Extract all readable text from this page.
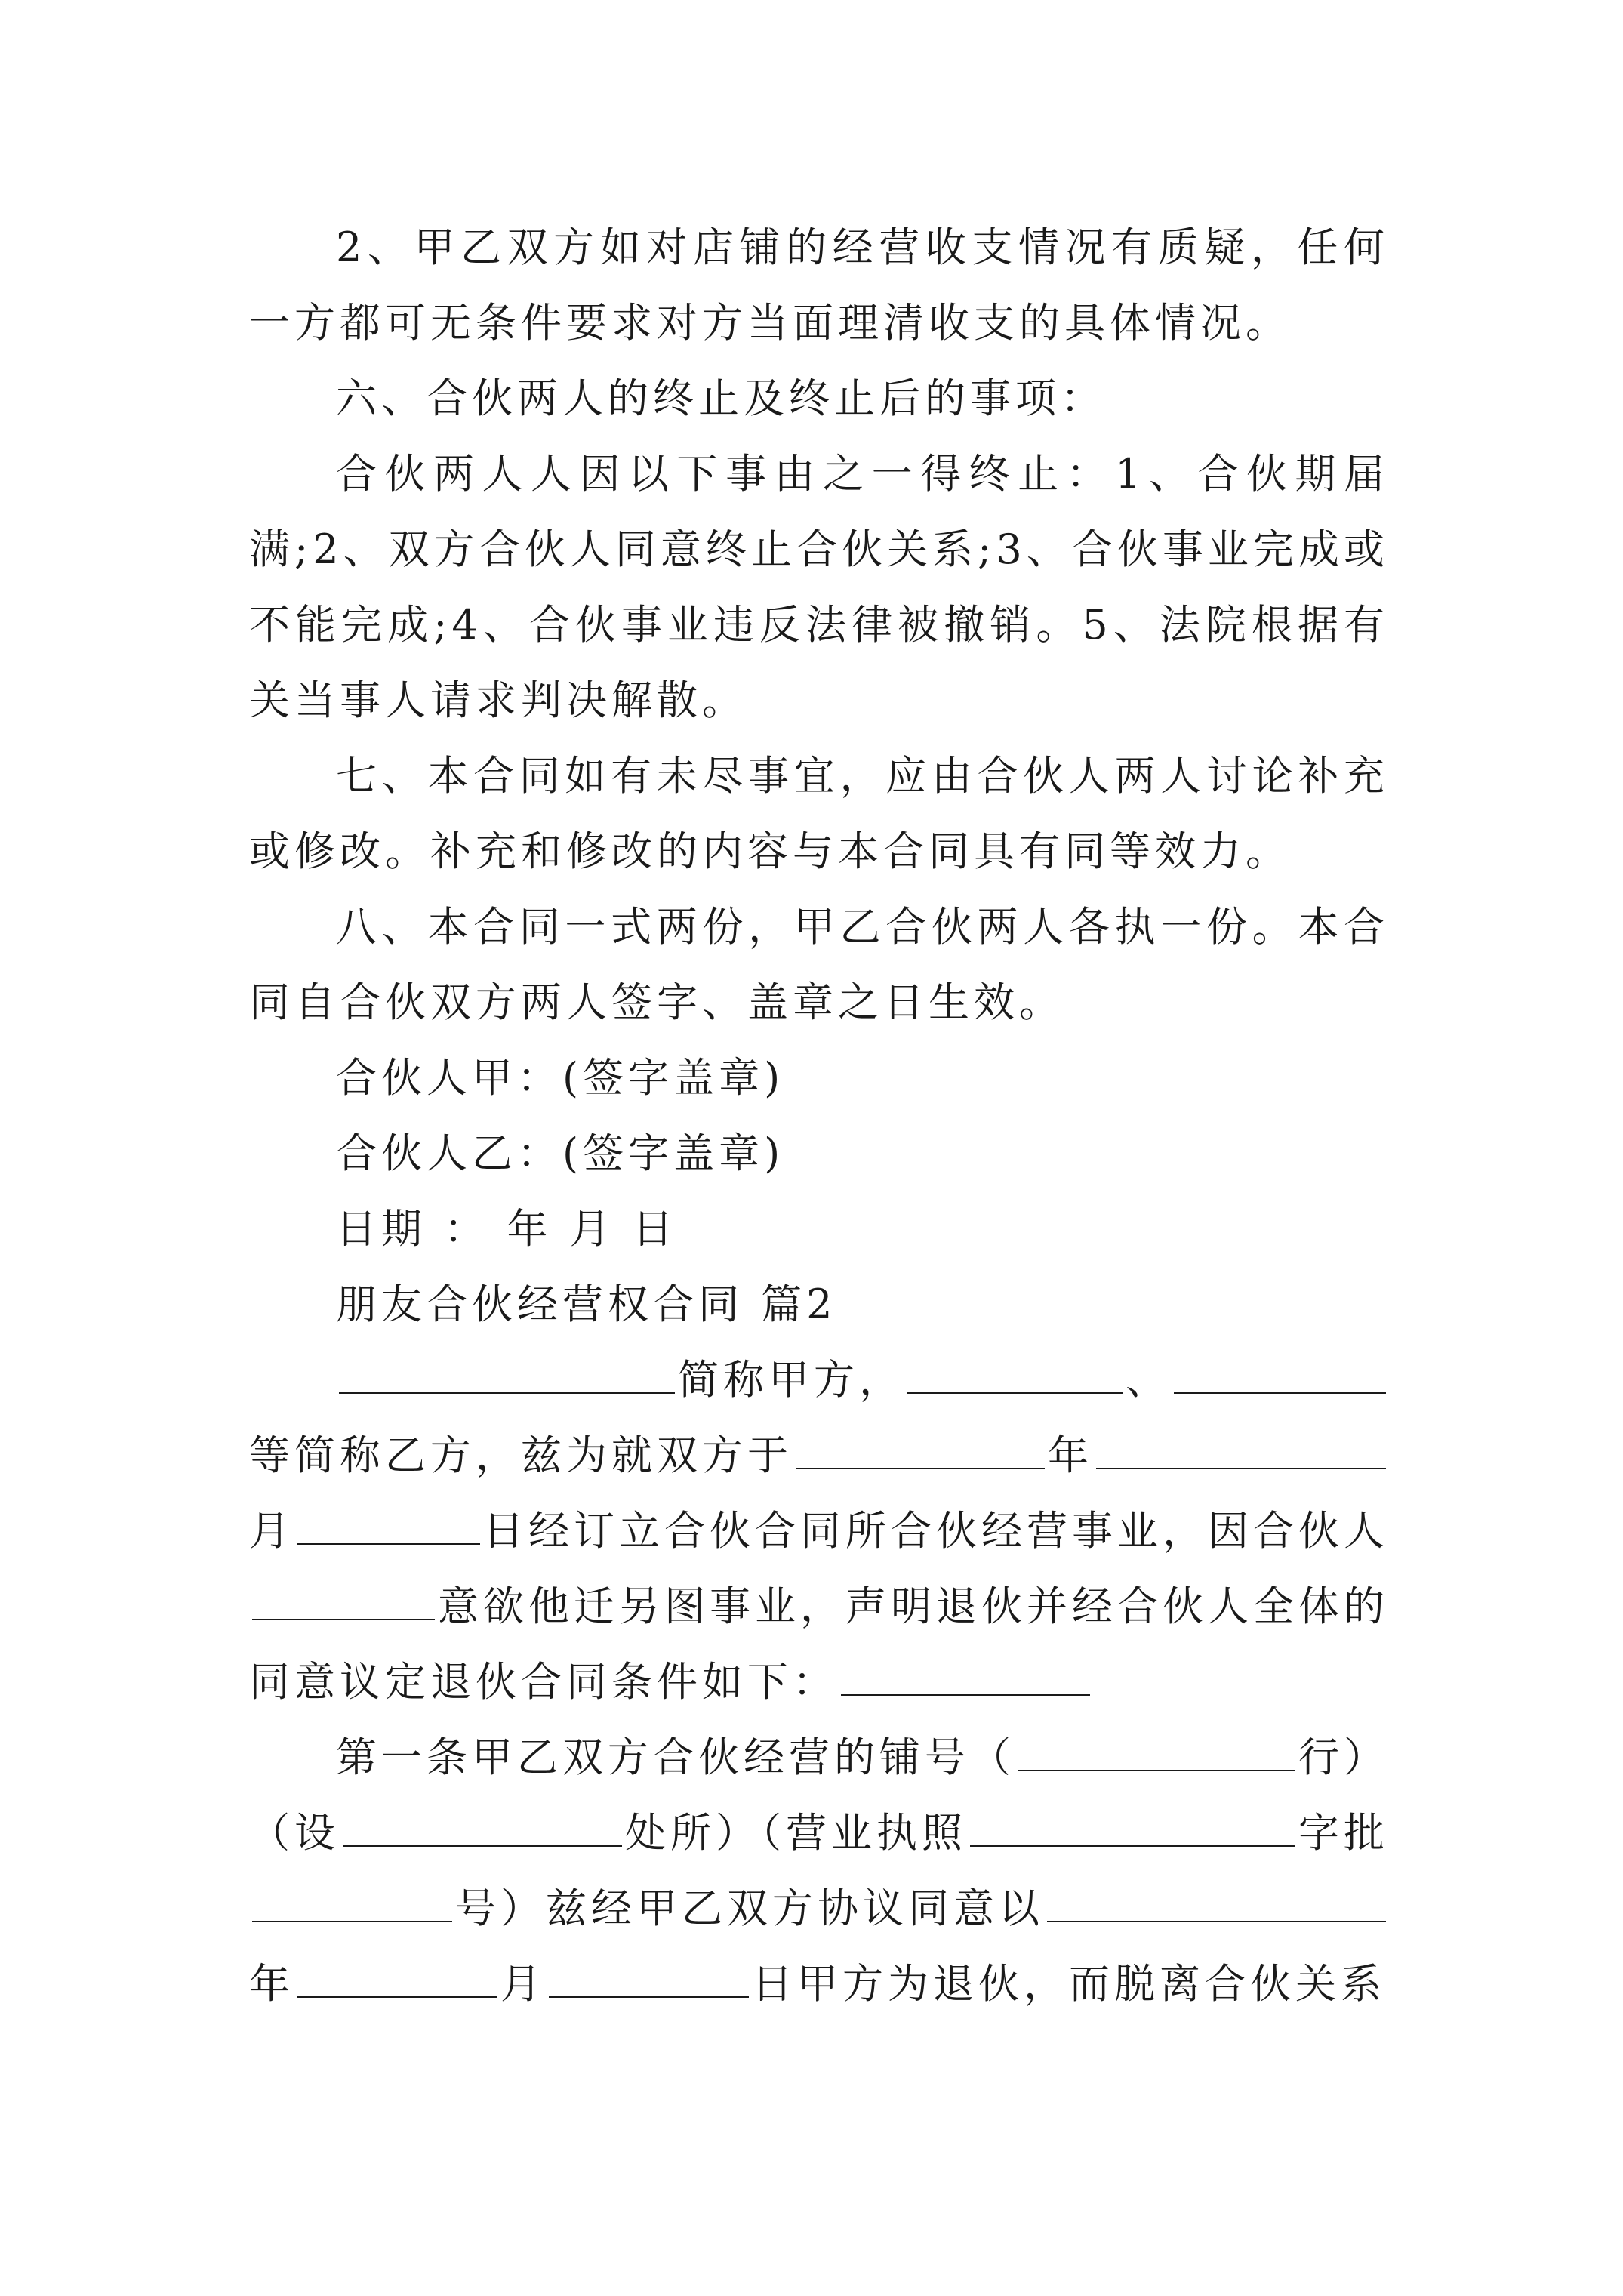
2、甲乙双方如对店铺的经营收支情况有质疑，任何一方都可无条件要求对方当面理清收支的具体情况。

六、合伙两人的终止及终止后的事项：

合伙两人人因以下事由之一得终止：1、合伙期届满;2、双方合伙人同意终止合伙关系;3、合伙事业完成或不能完成;4、合伙事业违反法律被撤销。5、法院根据有关当事人请求判决解散。

七、本合同如有未尽事宜，应由合伙人两人讨论补充或修改。补充和修改的内容与本合同具有同等效力。

八、本合同一式两份，甲乙合伙两人各执一份。本合同自合伙双方两人签字、盖章之日生效。

合伙人甲：(签字盖章)

合伙人乙：(签字盖章)

日期 ： 年 月 日

朋友合伙经营权合同 篇2

简称甲方，	、
等简称乙方，兹为就双方于	年
月	日经订立合伙合同所合伙经营事业，因合伙人
意欲他迁另图事业，声明退伙并经合伙人全体的
同意议定退伙合同条件如下：
第一条甲乙双方合伙经营的铺号（	行）
（设	处所）（营业执照	字批
号）兹经甲乙双方协议同意以
年	月	日甲方为退伙，而脱离合伙关系
